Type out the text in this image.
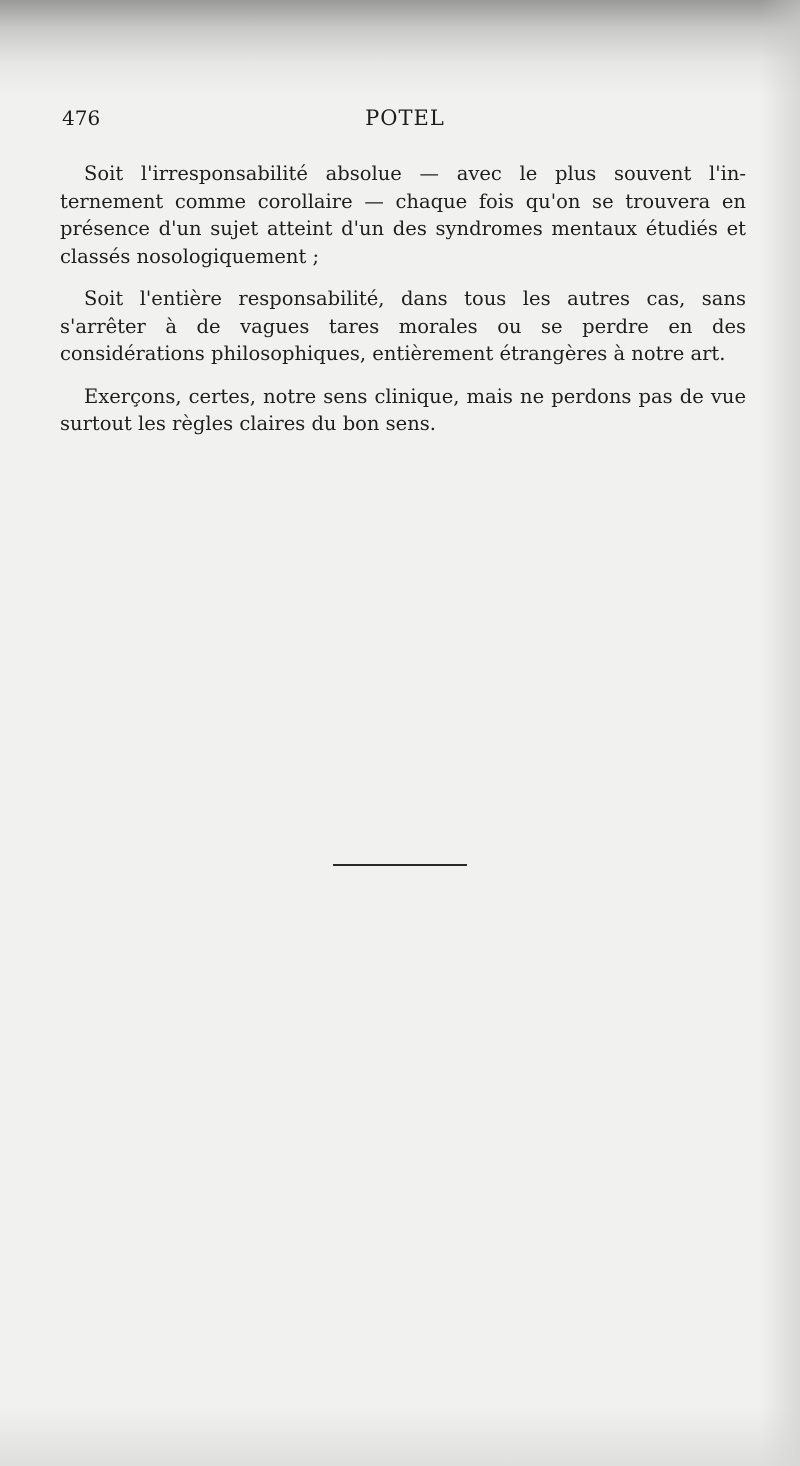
476	POTEL

Soit l'irresponsabilité absolue — avec le plus souvent l'internement comme corollaire — chaque fois qu'on se trouvera en présence d'un sujet atteint d'un des syndromes mentaux étudiés et classés nosologiquement ;

Soit l'entière responsabilité, dans tous les autres cas, sans s'arrêter à de vagues tares morales ou se perdre en des considérations philosophiques, entièrement étrangères à notre art.

Exerçons, certes, notre sens clinique, mais ne perdons pas de vue surtout les règles claires du bon sens.
